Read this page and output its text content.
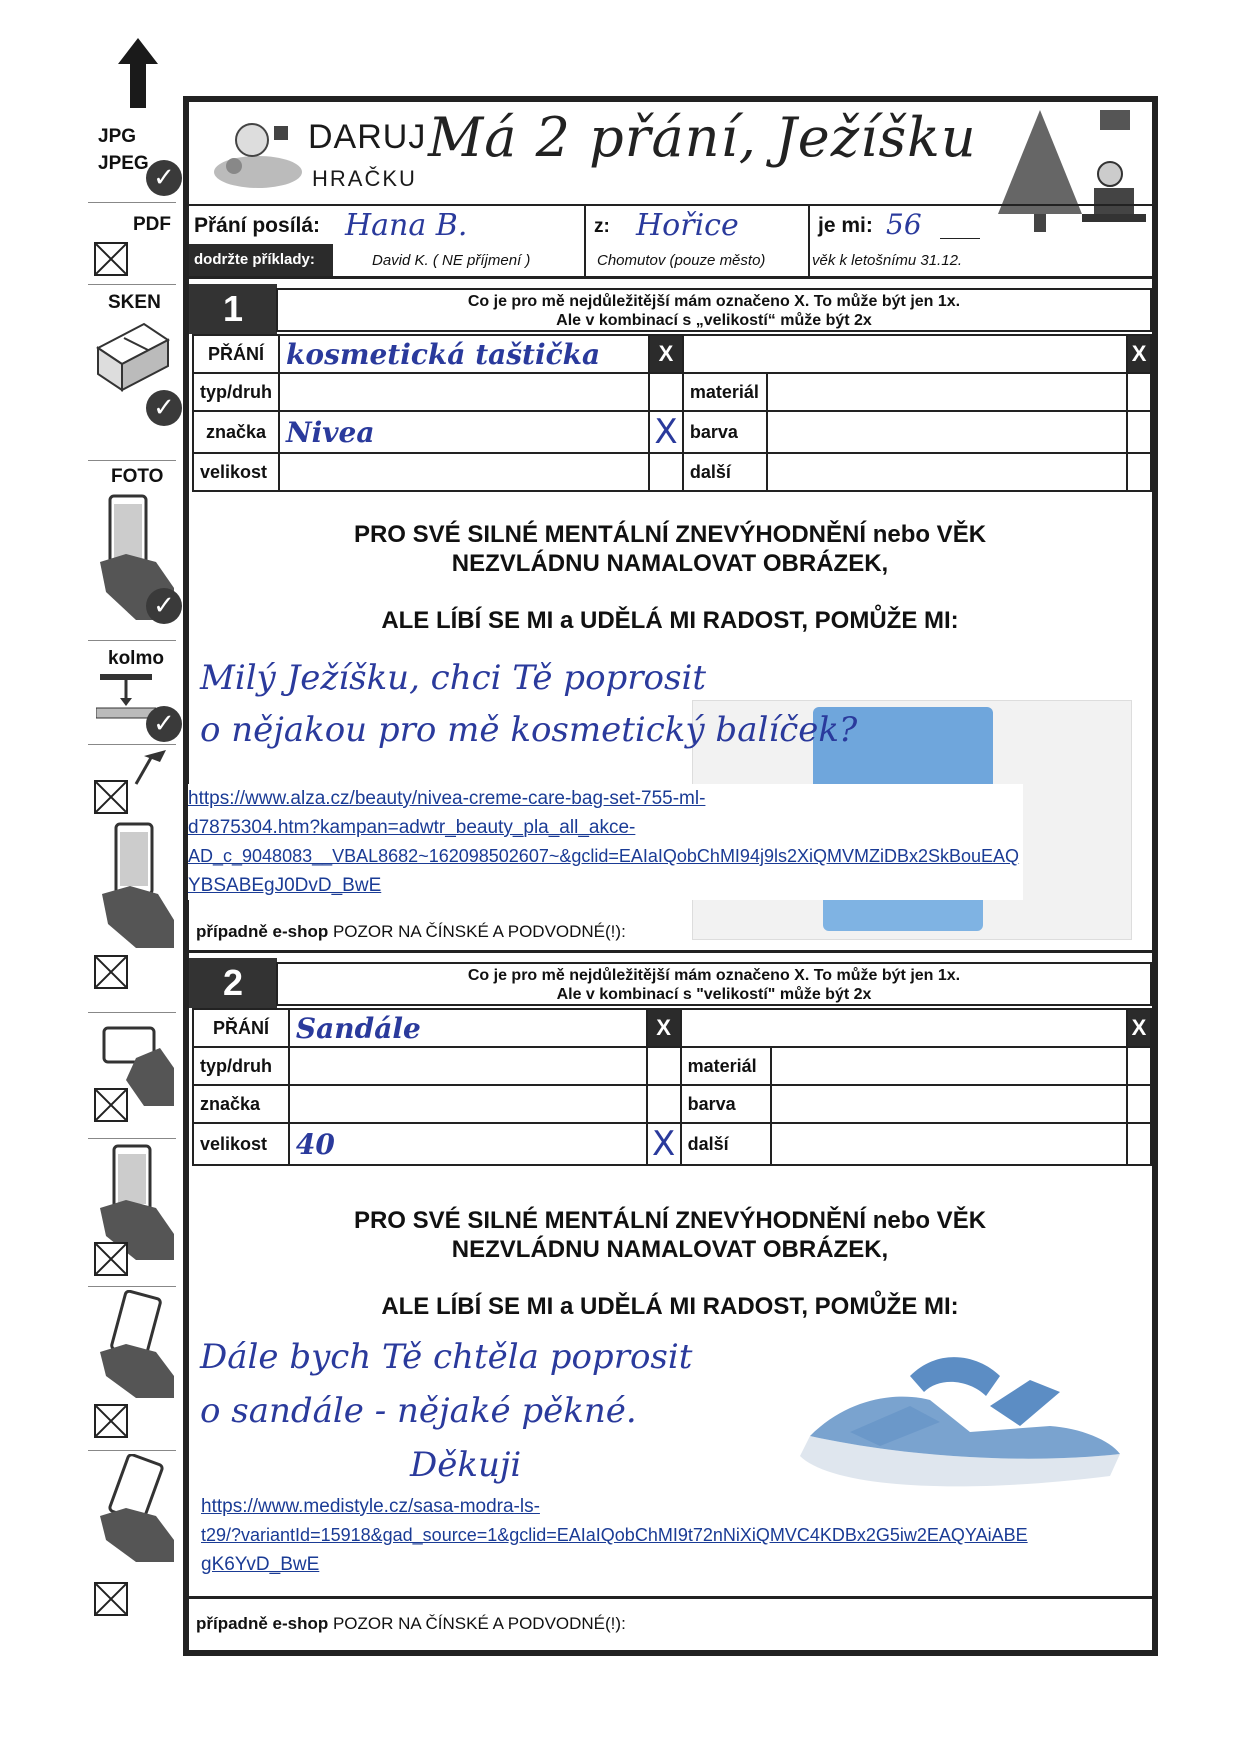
JPG
JPEG ✓
PDF
SKEN
✓
FOTO
✓
kolmo
✓
DARUJ
HRAČKU
Má 2 přání, Ježíšku
Přání posílá: Hana B.	z: Hořice	je mi: 56
dodržte příklady:	David K. ( NE příjmení )	Chomutov (pouze město)	věk k letošnímu 31.12.
1	Co je pro mě nejdůležitější mám označeno X. To může být jen 1x.
Ale v kombinací s „velikostí“ může být 2x
PŘÁNÍ	kosmetická taštička	X			X
typ/druh			materiál		
značka	Nivea	X	barva		
velikost			další		
PRO SVÉ SILNÉ MENTÁLNÍ ZNEVÝHODNĚNÍ nebo VĚK
NEZVLÁDNU NAMALOVAT OBRÁZEK,
ALE LÍBÍ SE MI a UDĚLÁ MI RADOST, POMŮŽE MI:
Milý Ježíšku, chci Tě poprosit
o nějakou pro mě kosmetický balíček?
https://www.alza.cz/beauty/nivea-creme-care-bag-set-755-ml-
d7875304.htm?kampan=adwtr_beauty_pla_all_akce-
AD_c_9048083__VBAL8682~162098502607~&gclid=EAIaIQobChMI94j9ls2XiQMVMZiDBx2SkBouEAQ
YBSABEgJ0DvD_BwE
případně e-shop POZOR NA ČÍNSKÉ A PODVODNÉ(!):
2	Co je pro mě nejdůležitější mám označeno X. To může být jen 1x.
Ale v kombinací s "velikostí" může být 2x
PŘÁNÍ	Sandále	X			X
typ/druh			materiál		
značka			barva		
velikost	40	X	další		
PRO SVÉ SILNÉ MENTÁLNÍ ZNEVÝHODNĚNÍ nebo VĚK
NEZVLÁDNU NAMALOVAT OBRÁZEK,
ALE LÍBÍ SE MI a UDĚLÁ MI RADOST, POMŮŽE MI:
Dále bych Tě chtěla poprosit
o sandále - nějaké pěkné.
Děkuji
https://www.medistyle.cz/sasa-modra-ls-
t29/?variantId=15918&gad_source=1&gclid=EAIaIQobChMI9t72nNiXiQMVC4KDBx2G5iw2EAQYAiABE
gK6YvD_BwE
případně e-shop POZOR NA ČÍNSKÉ A PODVODNÉ(!):
